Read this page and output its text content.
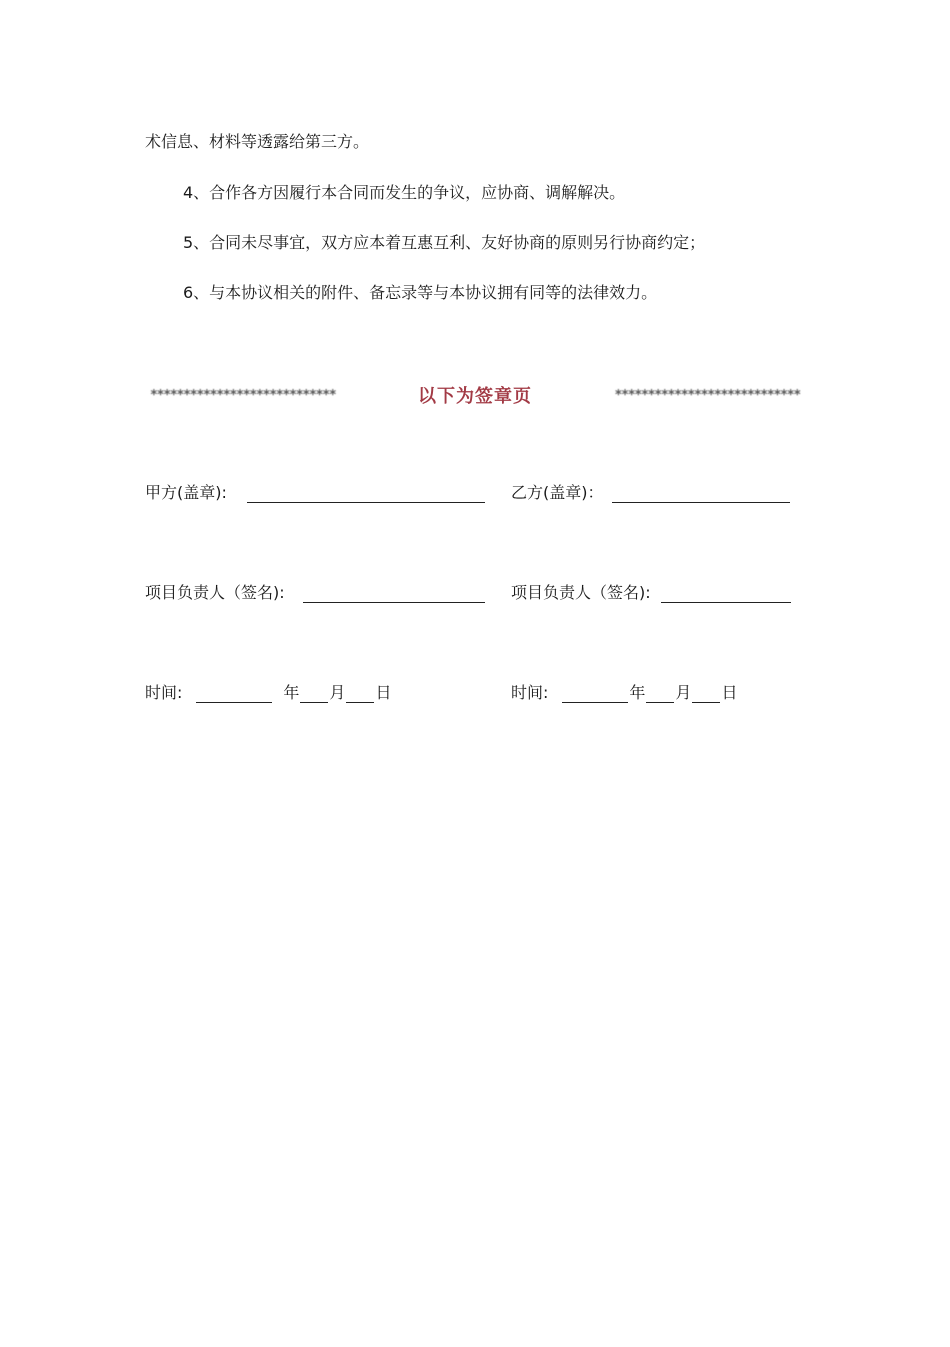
术信息、材料等透露给第三方。
4、合作各方因履行本合同而发生的争议，应协商、调解解决。
5、合同未尽事宜，双方应本着互惠互利、友好协商的原则另行协商约定；
6、与本协议相关的附件、备忘录等与本协议拥有同等的法律效力。
****************************	以下为签章页	****************************
甲方(盖章):	乙方(盖章)：
项目负责人（签名):	项目负责人（签名):
时间:	年 月 日	时间:	年 月 日
